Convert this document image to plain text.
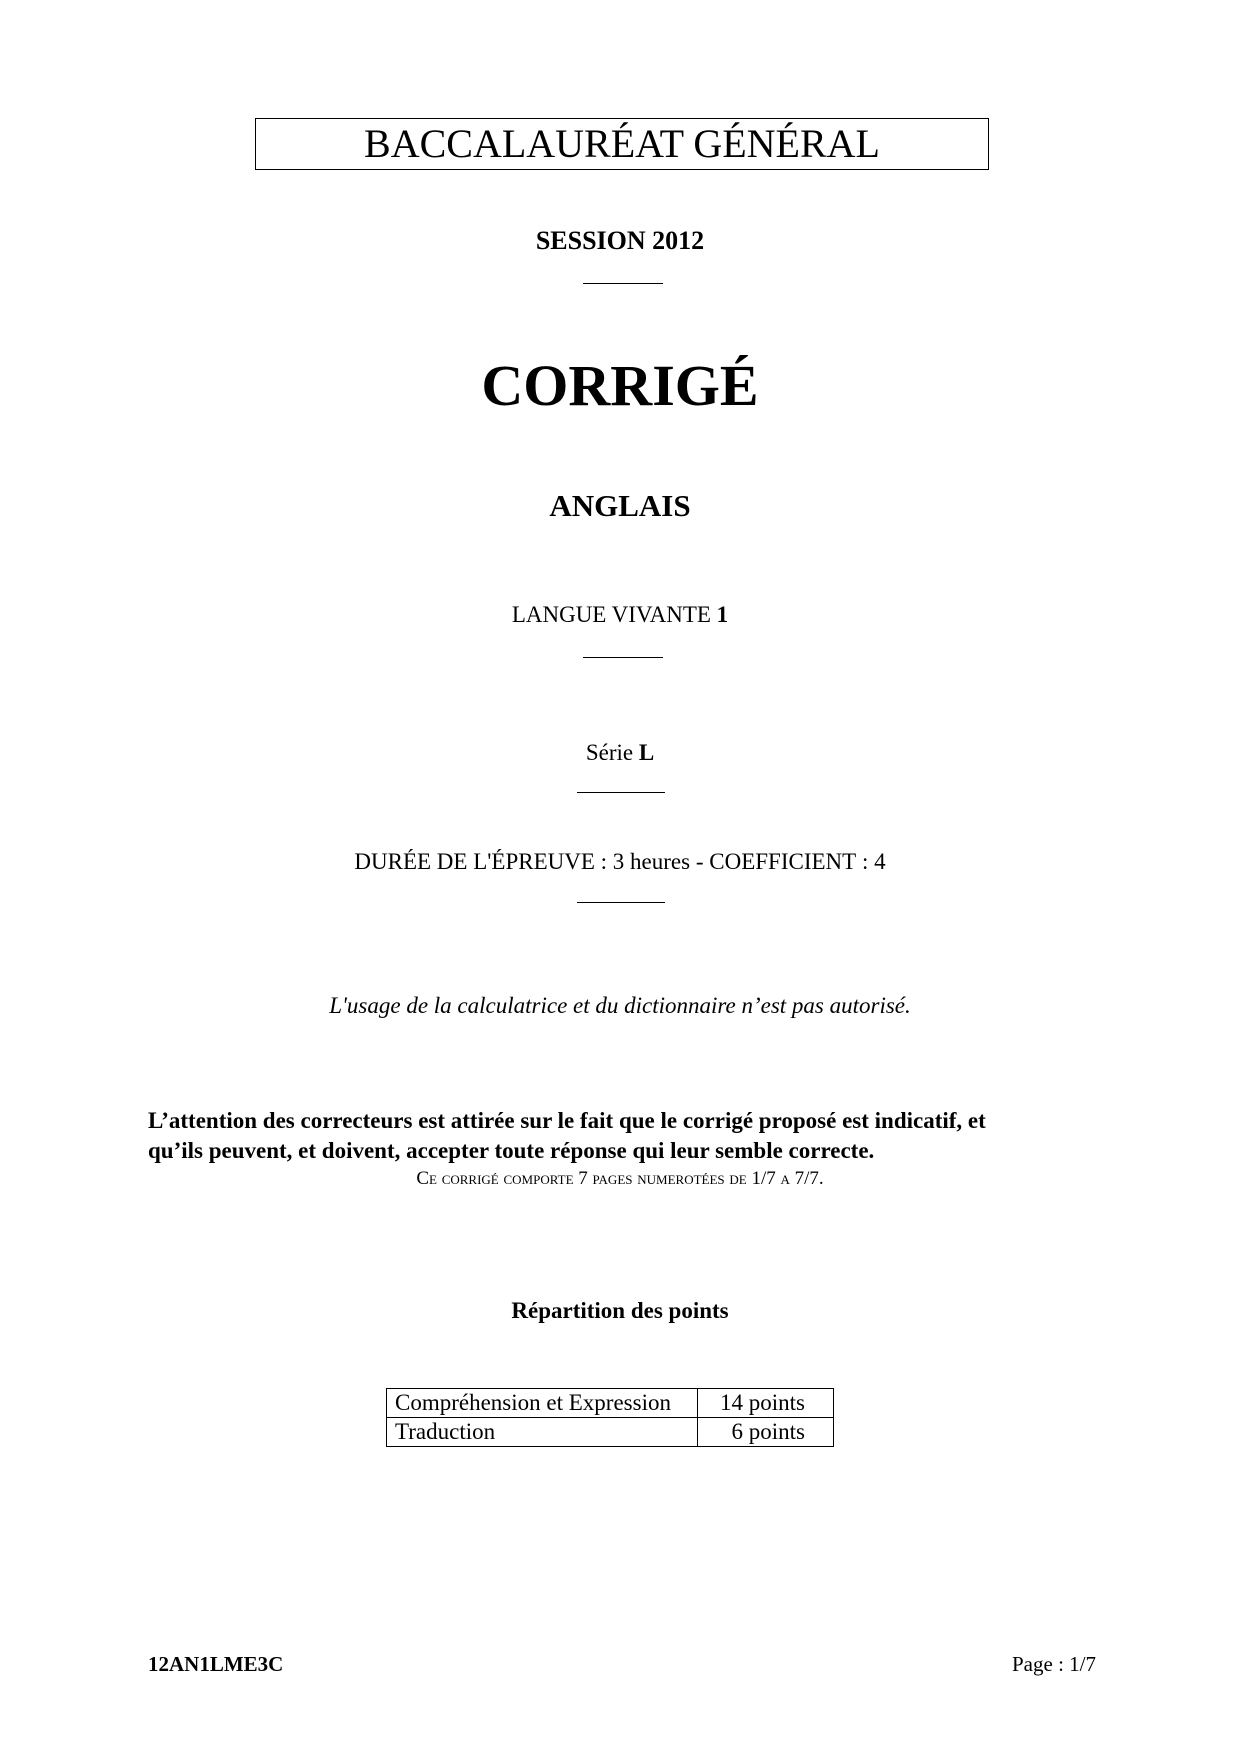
BACCALAURÉAT GÉNÉRAL
SESSION 2012
CORRIGÉ
ANGLAIS
LANGUE VIVANTE 1
Série L
DURÉE DE L'ÉPREUVE : 3 heures - COEFFICIENT : 4
L'usage de la calculatrice et du dictionnaire n’est pas autorisé.
L’attention des correcteurs est attirée sur le fait que le corrigé proposé est indicatif, et
qu’ils peuvent, et doivent, accepter toute réponse qui leur semble correcte.
Ce corrigé comporte 7 pages numerotées de 1/7 a 7/7.
Répartition des points
Compréhension et Expression	14 points
Traduction	6 points
12AN1LME3C	Page : 1/7
